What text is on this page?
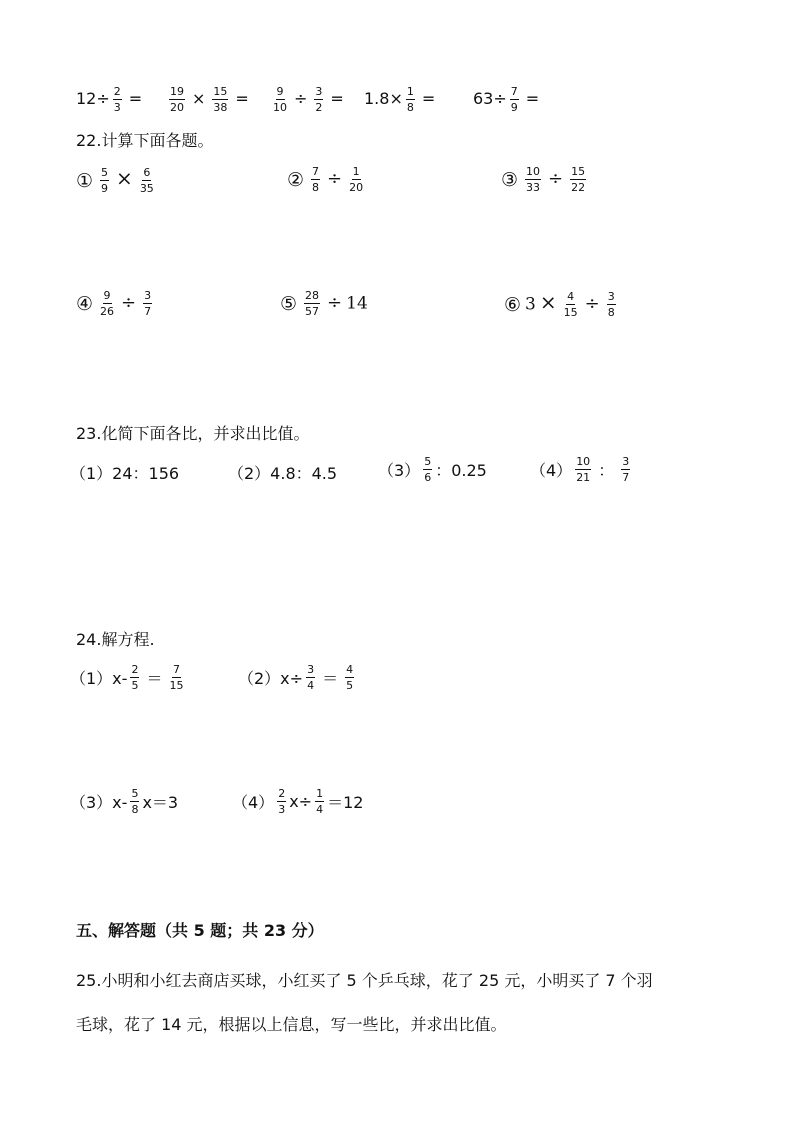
$12\div \frac{2}{3}$ =	$\frac{19}{20} \times \frac{15}{38}$ =	$\frac{9}{10} \div \frac{3}{2} = 1.8\times \frac{1}{8} = 63\div \frac{7}{9}$ =
22.计算下面各题。
① $\frac{5}{9} \times \frac{6}{35}$	② $\frac{7}{8} \div \frac{1}{20}$	③ $\frac{10}{33} \div \frac{15}{22}$
④ $\frac{9}{26} \div \frac{3}{7}$	⑤ $\frac{28}{57} \div 14$	⑥ $3 \times \frac{4}{15} \div \frac{3}{8}$
23.化简下面各比，并求出比值。
（1）24：156	（2）4.8：4.5	$(3) \frac{5}{6}$ ：0.25	$(4) \frac{10}{21}$ ： $\frac{3}{7}$
24.解方程.
$(1)x- \frac{2}{5} = \frac{7}{15}$	$(2)x\div \frac{3}{4} = \frac{4}{5}$
$(3)x- \frac{5}{8} x=3$	$(4) \frac{2}{3} x\div \frac{1}{4} =12$
五、解答题（共 5 题；共 23 分）
25.小明和小红去商店买球，小红买了 5 个乒乓球，花了 25 元，小明买了 7 个羽
毛球，花了 14 元，根据以上信息，写一些比，并求出比值。
